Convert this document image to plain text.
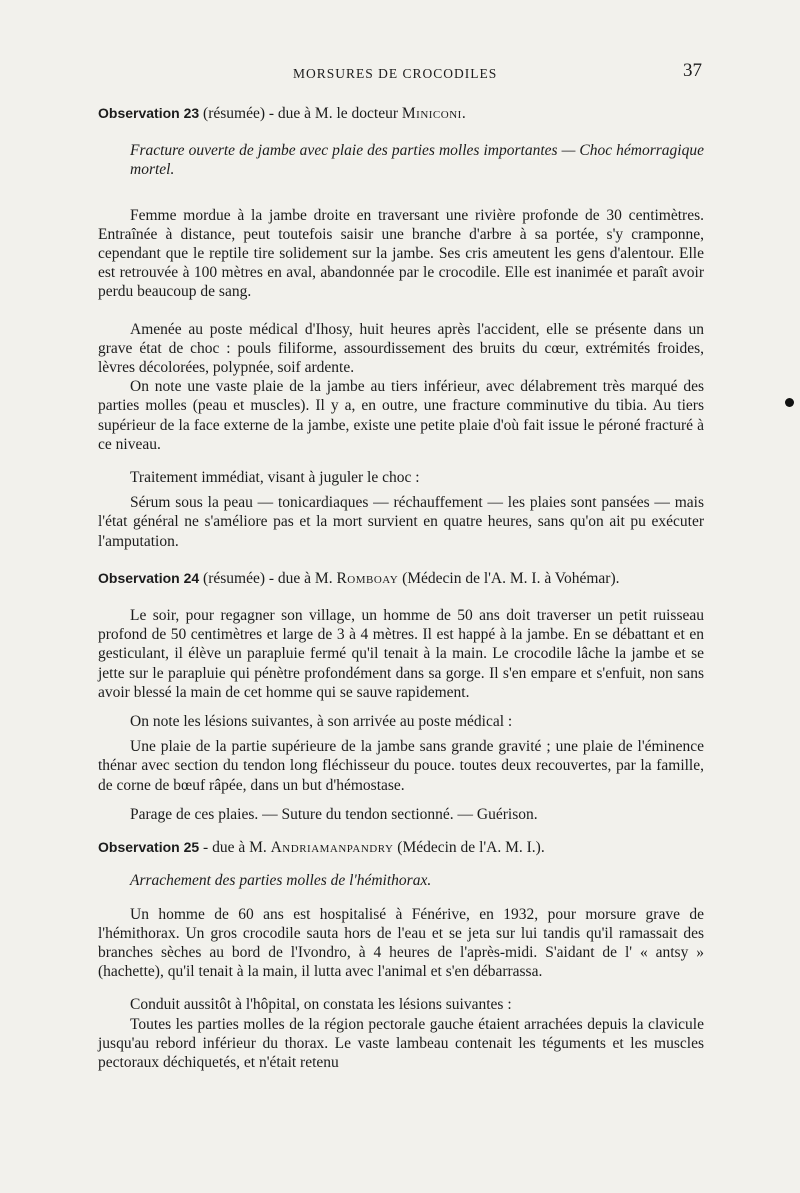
MORSURES DE CROCODILES	37

Observation 23 (résumée) - due à M. le docteur Miniconi.

Fracture ouverte de jambe avec plaie des parties molles importantes — Choc hémorragique mortel.

Femme mordue à la jambe droite en traversant une rivière profonde de 30 centimètres. Entraînée à distance, peut toutefois saisir une branche d'arbre à sa portée, s'y cramponne, cependant que le reptile tire solidement sur la jambe. Ses cris ameutent les gens d'alentour. Elle est retrouvée à 100 mètres en aval, abandonnée par le crocodile. Elle est inanimée et paraît avoir perdu beaucoup de sang.

Amenée au poste médical d'Ihosy, huit heures après l'accident, elle se présente dans un grave état de choc : pouls filiforme, assourdissement des bruits du cœur, extrémités froides, lèvres décolorées, polypnée, soif ardente.

On note une vaste plaie de la jambe au tiers inférieur, avec délabrement très marqué des parties molles (peau et muscles). Il y a, en outre, une fracture comminutive du tibia. Au tiers supérieur de la face externe de la jambe, existe une petite plaie d'où fait issue le péroné fracturé à ce niveau.

Traitement immédiat, visant à juguler le choc :

Sérum sous la peau — tonicardiaques — réchauffement — les plaies sont pansées — mais l'état général ne s'améliore pas et la mort survient en quatre heures, sans qu'on ait pu exécuter l'amputation.

Observation 24 (résumée) - due à M. Romboay (Médecin de l'A. M. I. à Vohémar).

Le soir, pour regagner son village, un homme de 50 ans doit traverser un petit ruisseau profond de 50 centimètres et large de 3 à 4 mètres. Il est happé à la jambe. En se débattant et en gesticulant, il élève un parapluie fermé qu'il tenait à la main. Le crocodile lâche la jambe et se jette sur le parapluie qui pénètre profondément dans sa gorge. Il s'en empare et s'enfuit, non sans avoir blessé la main de cet homme qui se sauve rapidement.

On note les lésions suivantes, à son arrivée au poste médical :

Une plaie de la partie supérieure de la jambe sans grande gravité ; une plaie de l'éminence thénar avec section du tendon long fléchisseur du pouce. toutes deux recouvertes, par la famille, de corne de bœuf râpée, dans un but d'hémostase.

Parage de ces plaies. — Suture du tendon sectionné. — Guérison.

Observation 25 - due à M. Andriamanpandry (Médecin de l'A. M. I.).

Arrachement des parties molles de l'hémithorax.

Un homme de 60 ans est hospitalisé à Fénérive, en 1932, pour morsure grave de l'hémithorax. Un gros crocodile sauta hors de l'eau et se jeta sur lui tandis qu'il ramassait des branches sèches au bord de l'Ivondro, à 4 heures de l'après-midi. S'aidant de l' « antsy » (hachette), qu'il tenait à la main, il lutta avec l'animal et s'en débarrassa.

Conduit aussitôt à l'hôpital, on constata les lésions suivantes :

Toutes les parties molles de la région pectorale gauche étaient arrachées depuis la clavicule jusqu'au rebord inférieur du thorax. Le vaste lambeau contenait les téguments et les muscles pectoraux déchiquetés, et n'était retenu
